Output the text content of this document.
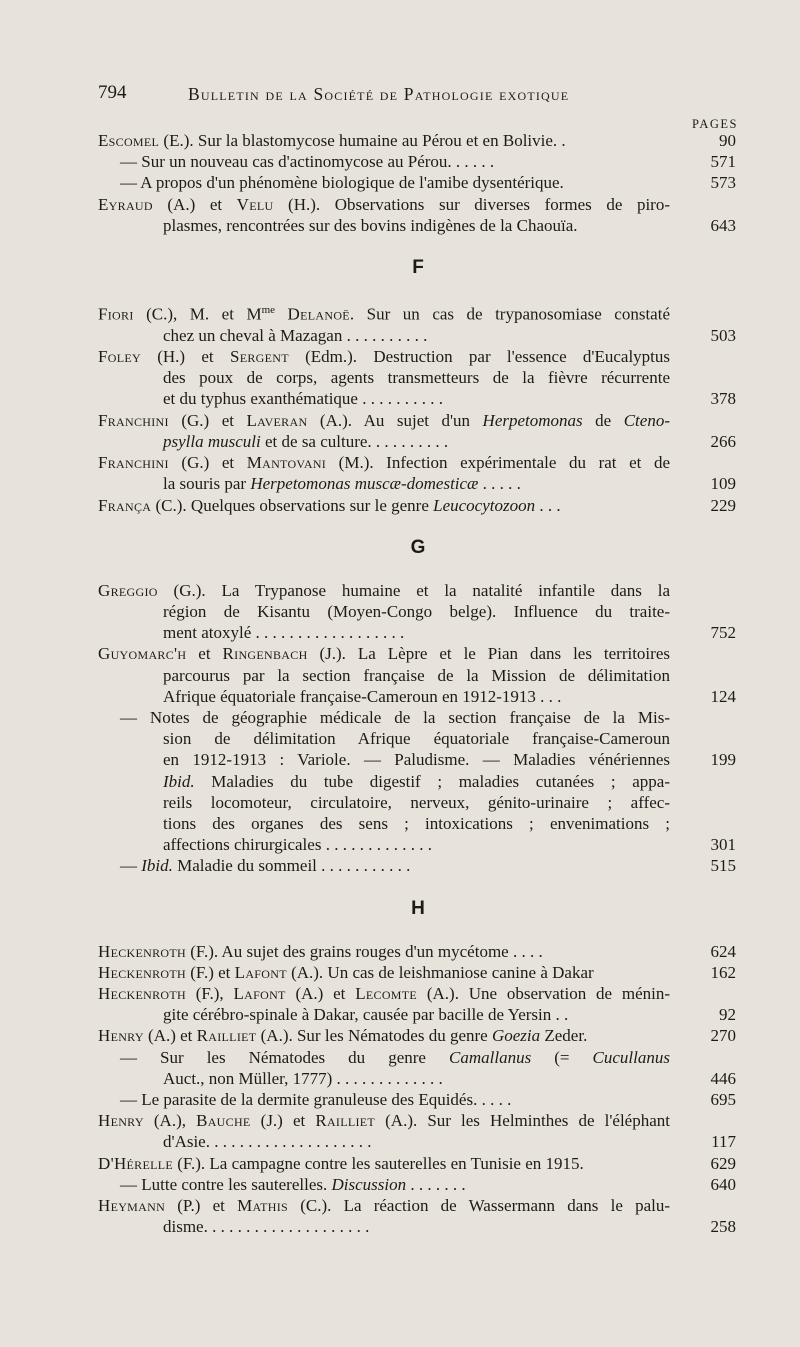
794	Bulletin de la Société de Pathologie exotique
PAGES
Escomel (E.). Sur la blastomycose humaine au Pérou et en Bolivie. .	90
— Sur un nouveau cas d'actinomycose au Pérou. . . . . .	571
— A propos d'un phénomène biologique de l'amibe dysentérique.	573
Eyraud (A.) et Velu (H.). Observations sur diverses formes de piro-
plasmes, rencontrées sur des bovins indigènes de la Chaouïa.	643
F
Fiori (C.), M. et $M^{me}$ Delanoë. Sur un cas de trypanosomiase constaté
chez un cheval à Mazagan . . . . . . . . . .	503
Foley (H.) et Sergent (Edm.). Destruction par l'essence d'Eucalyptus
des poux de corps, agents transmetteurs de la fièvre récurrente
et du typhus exanthématique . . . . . . . . . .	378
Franchini (G.) et Laveran (A.). Au sujet d'un Herpetomonas de Cteno-
psylla musculi et de sa culture. . . . . . . . . .	266
Franchini (G.) et Mantovani (M.). Infection expérimentale du rat et de
la souris par Herpetomonas muscæ-domesticæ . . . . .	109
França (C.). Quelques observations sur le genre Leucocytozoon . . .	229
G
Greggio (G.). La Trypanose humaine et la natalité infantile dans la
région de Kisantu (Moyen-Congo belge). Influence du traite-
ment atoxylé . . . . . . . . . . . . . . . . . .	752
Guyomarc'h et Ringenbach (J.). La Lèpre et le Pian dans les territoires
parcourus par la section française de la Mission de délimitation
Afrique équatoriale française-Cameroun en 1912-1913 . . .	124
— Notes de géographie médicale de la section française de la Mis-
sion de délimitation Afrique équatoriale française-Cameroun
en 1912-1913 : Variole. — Paludisme. — Maladies vénériennes 199
Ibid. Maladies du tube digestif ; maladies cutanées ; appa-
reils locomoteur, circulatoire, nerveux, génito-urinaire ; affec-
tions des organes des sens ; intoxications ; envenimations ;
affections chirurgicales . . . . . . . . . . . . .	301
— Ibid. Maladie du sommeil . . . . . . . . . . .	515
H
Heckenroth (F.). Au sujet des grains rouges d'un mycétome . . . .	624
Heckenroth (F.) et Lafont (A.). Un cas de leishmaniose canine à Dakar	162
Heckenroth (F.), Lafont (A.) et Lecomte (A.). Une observation de ménin-
gite cérébro-spinale à Dakar, causée par bacille de Yersin . .	92
Henry (A.) et Railliet (A.). Sur les Nématodes du genre Goezia Zeder.	270
— Sur les Nématodes du genre Camallanus (= Cucullanus
Auct., non Müller, 1777) . . . . . . . . . . . . .	446
— Le parasite de la dermite granuleuse des Equidés. . . . .	695
Henry (A.), Bauche (J.) et Railliet (A.). Sur les Helminthes de l'éléphant
d'Asie. . . . . . . . . . . . . . . . . . . .	117
D'Hérelle (F.). La campagne contre les sauterelles en Tunisie en 1915.	629
— Lutte contre les sauterelles. Discussion . . . . . . .	640
Heymann (P.) et Mathis (C.). La réaction de Wassermann dans le palu-
disme. . . . . . . . . . . . . . . . . . . .	258
